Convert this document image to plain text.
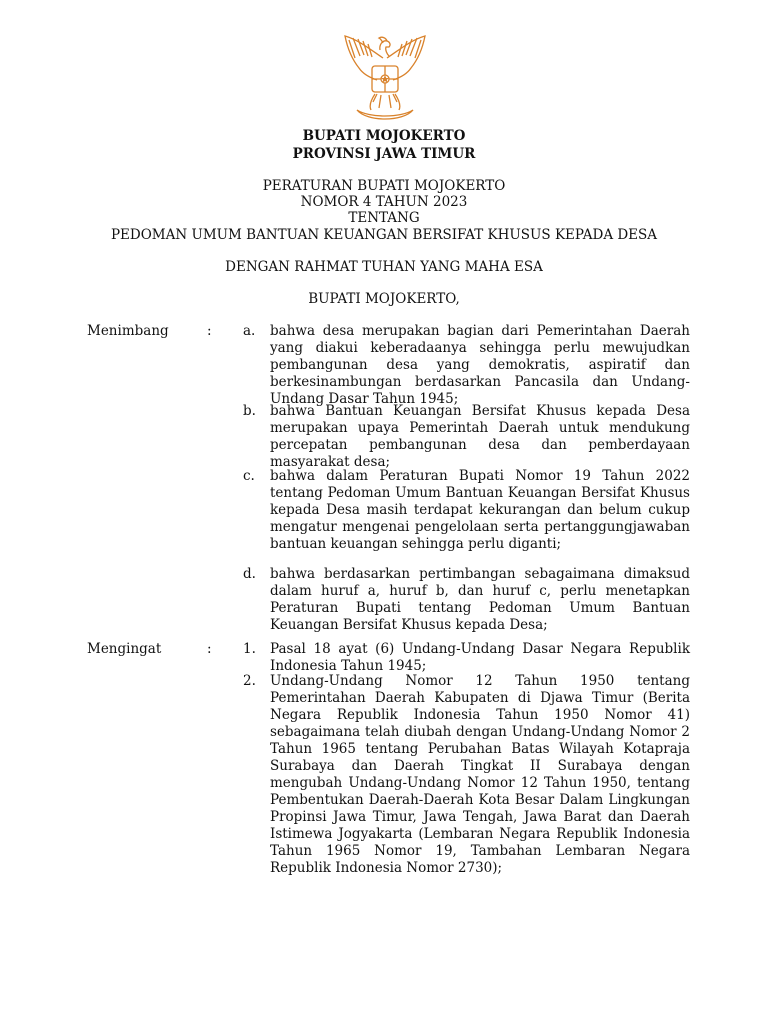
BUPATI MOJOKERTO
PROVINSI JAWA TIMUR
PERATURAN BUPATI MOJOKERTO
NOMOR 4 TAHUN 2023
TENTANG
PEDOMAN UMUM BANTUAN KEUANGAN BERSIFAT KHUSUS KEPADA DESA
DENGAN RAHMAT TUHAN YANG MAHA ESA
BUPATI MOJOKERTO,
Menimbang	: a. bahwa desa merupakan bagian dari Pemerintahan Daerah yang diakui keberadaanya sehingga perlu mewujudkan pembangunan desa yang demokratis, aspiratif dan berkesinambungan berdasarkan Pancasila dan Undang-Undang Dasar Tahun 1945;
b. bahwa Bantuan Keuangan Bersifat Khusus kepada Desa merupakan upaya Pemerintah Daerah untuk mendukung percepatan pembangunan desa dan pemberdayaan masyarakat desa;
c. bahwa dalam Peraturan Bupati Nomor 19 Tahun 2022 tentang Pedoman Umum Bantuan Keuangan Bersifat Khusus kepada Desa masih terdapat kekurangan dan belum cukup mengatur mengenai pengelolaan serta pertanggungjawaban bantuan keuangan sehingga perlu diganti;
d. bahwa berdasarkan pertimbangan sebagaimana dimaksud dalam huruf a, huruf b, dan huruf c, perlu menetapkan Peraturan Bupati tentang Pedoman Umum Bantuan Keuangan Bersifat Khusus kepada Desa;
Mengingat	: 1. Pasal 18 ayat (6) Undang-Undang Dasar Negara Republik Indonesia Tahun 1945;
2. Undang-Undang Nomor 12 Tahun 1950 tentang Pemerintahan Daerah Kabupaten di Djawa Timur (Berita Negara Republik Indonesia Tahun 1950 Nomor 41) sebagaimana telah diubah dengan Undang-Undang Nomor 2 Tahun 1965 tentang Perubahan Batas Wilayah Kotapraja Surabaya dan Daerah Tingkat II Surabaya dengan mengubah Undang-Undang Nomor 12 Tahun 1950, tentang Pembentukan Daerah-Daerah Kota Besar Dalam Lingkungan Propinsi Jawa Timur, Jawa Tengah, Jawa Barat dan Daerah Istimewa Jogyakarta (Lembaran Negara Republik Indonesia Tahun 1965 Nomor 19, Tambahan Lembaran Negara Republik Indonesia Nomor 2730);
